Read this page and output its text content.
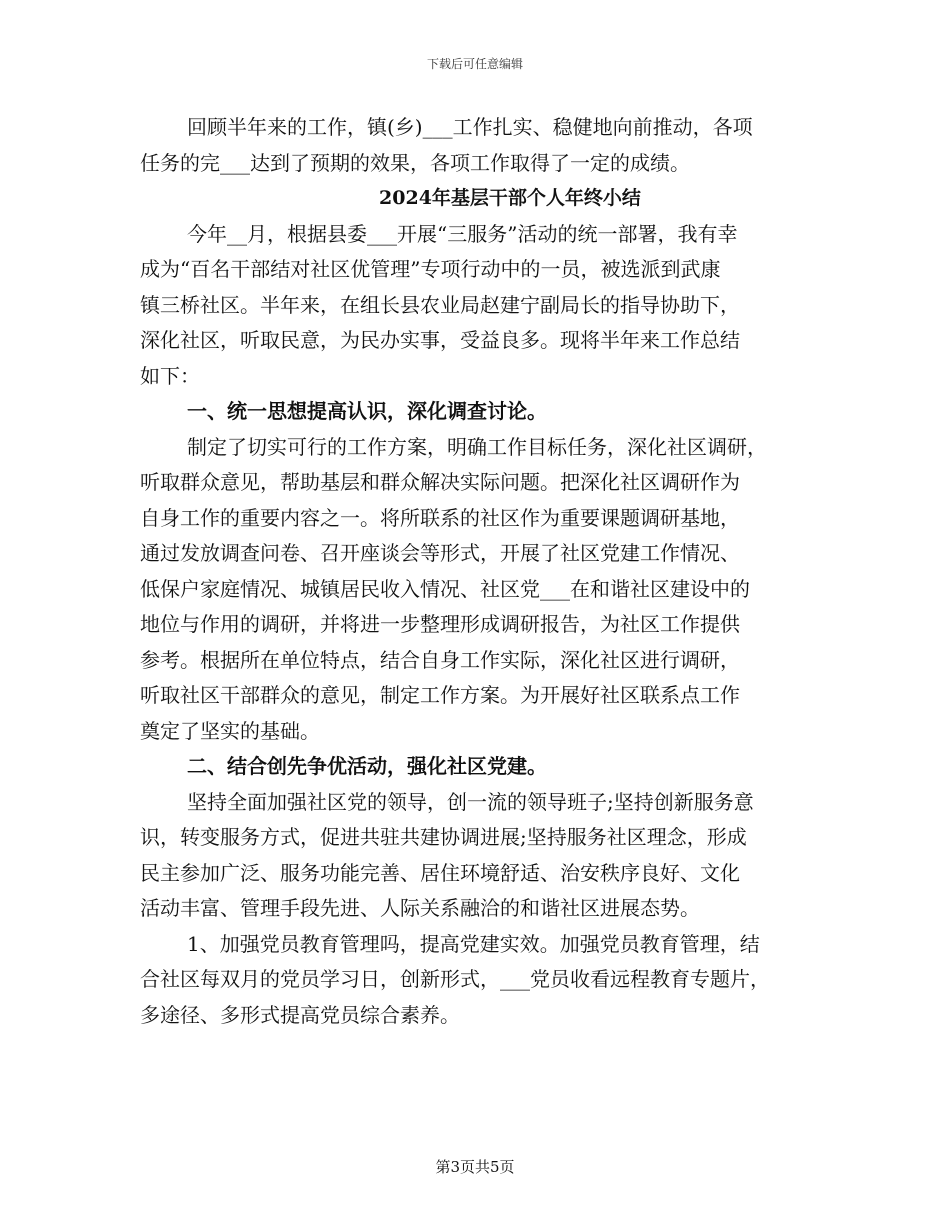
下载后可任意编辑
回顾半年来的工作，镇(乡)___工作扎实、稳健地向前推动，各项
任务的完___达到了预期的效果，各项工作取得了一定的成绩。
2024年基层干部个人年终小结
今年__月，根据县委___开展“三服务”活动的统一部署，我有幸
成为“百名干部结对社区优管理”专项行动中的一员，被选派到武康
镇三桥社区。半年来，在组长县农业局赵建宁副局长的指导协助下，
深化社区，听取民意，为民办实事，受益良多。现将半年来工作总结
如下：
一、统一思想提高认识，深化调查讨论。
制定了切实可行的工作方案，明确工作目标任务，深化社区调研，
听取群众意见，帮助基层和群众解决实际问题。把深化社区调研作为
自身工作的重要内容之一。将所联系的社区作为重要课题调研基地，
通过发放调查问卷、召开座谈会等形式，开展了社区党建工作情况、
低保户家庭情况、城镇居民收入情况、社区党___在和谐社区建设中的
地位与作用的调研，并将进一步整理形成调研报告，为社区工作提供
参考。根据所在单位特点，结合自身工作实际，深化社区进行调研，
听取社区干部群众的意见，制定工作方案。为开展好社区联系点工作
奠定了坚实的基础。
二、结合创先争优活动，强化社区党建。
坚持全面加强社区党的领导，创一流的领导班子;坚持创新服务意
识，转变服务方式，促进共驻共建协调进展;坚持服务社区理念，形成
民主参加广泛、服务功能完善、居住环境舒适、治安秩序良好、文化
活动丰富、管理手段先进、人际关系融洽的和谐社区进展态势。
1、加强党员教育管理吗，提高党建实效。加强党员教育管理，结
合社区每双月的党员学习日，创新形式，___党员收看远程教育专题片，
多途径、多形式提高党员综合素养。
第3页共5页
